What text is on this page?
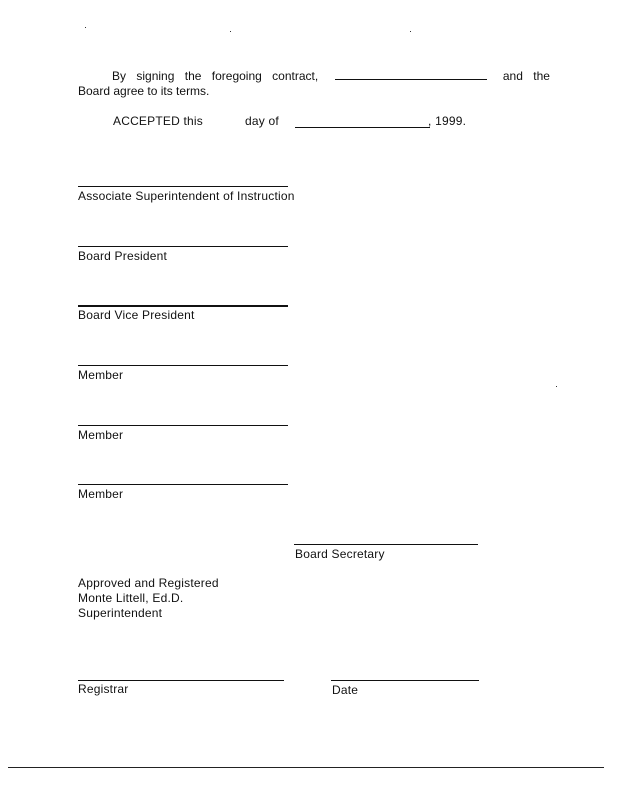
By signing the foregoing contract,	and the
Board agree to its terms.
ACCEPTED this	day of	, 1999.
Associate Superintendent of Instruction
Board President
Board Vice President
Member
Member
Member
Board Secretary
Approved and Registered
Monte Littell, Ed.D.
Superintendent
Registrar	Date
